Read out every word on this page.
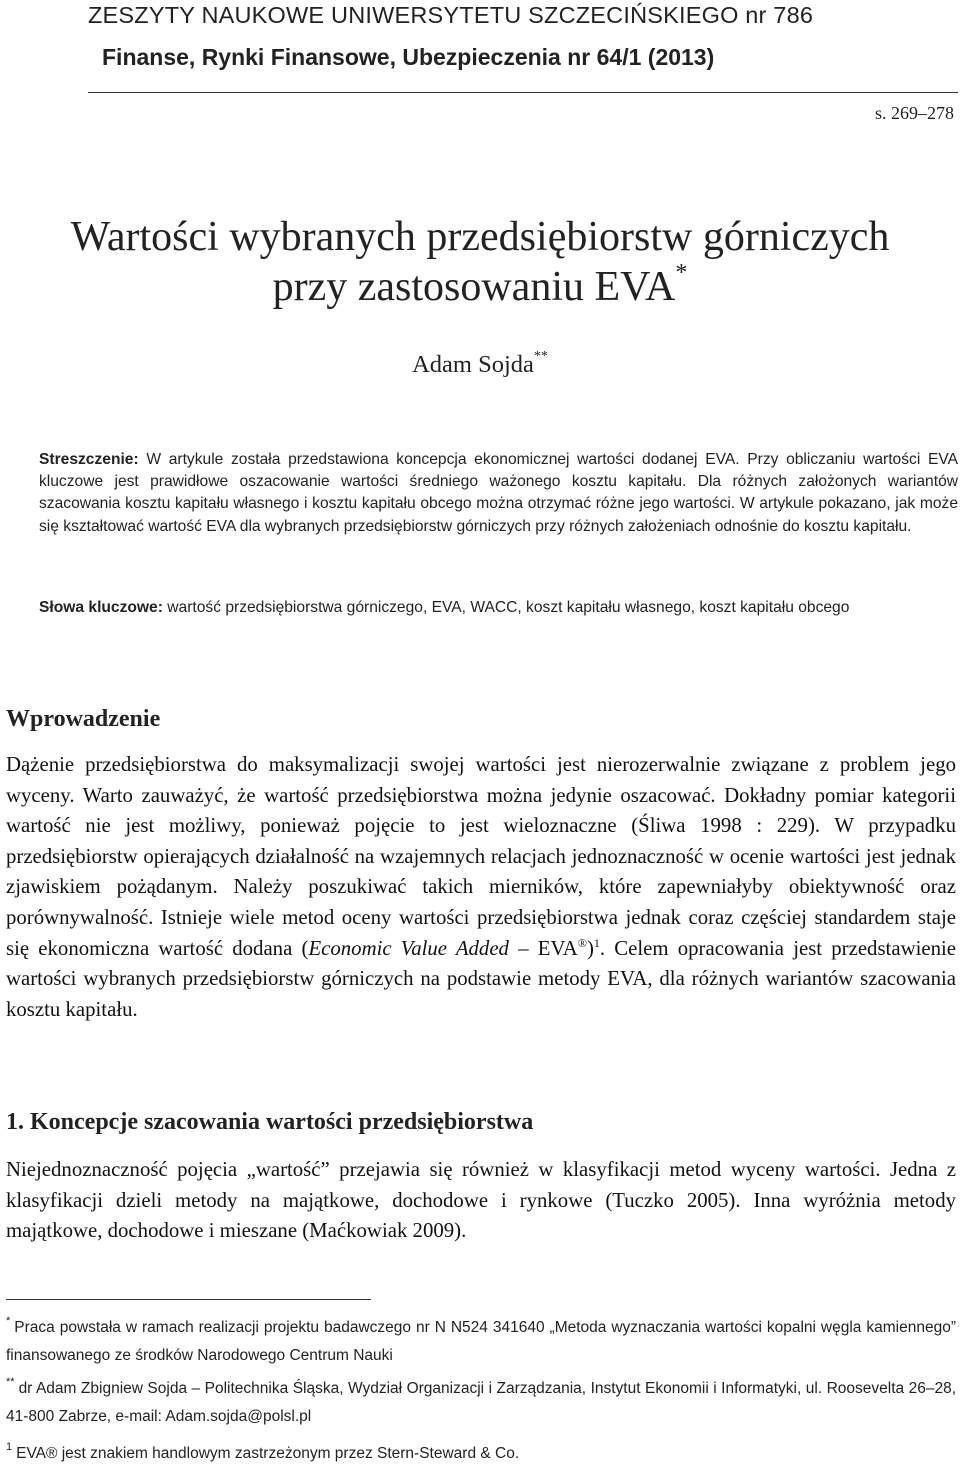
ZESZYTY NAUKOWE UNIWERSYTETU SZCZECIŃSKIEGO nr 786
Finanse, Rynki Finansowe, Ubezpieczenia nr 64/1 (2013)
s. 269–278
Wartości wybranych przedsiębiorstw górniczych
przy zastosowaniu EVA*
Adam Sojda**

Streszczenie: W artykule została przedstawiona koncepcja ekonomicznej wartości dodanej EVA. Przy obliczaniu wartości EVA kluczowe jest prawidłowe oszacowanie wartości średniego ważonego kosztu kapitału. Dla różnych założonych wariantów szacowania kosztu kapitału własnego i kosztu kapitału obcego można otrzymać różne jego wartości. W artykule pokazano, jak może się kształtować wartość EVA dla wybranych przedsiębiorstw górniczych przy różnych założeniach odnośnie do kosztu kapitału.

Słowa kluczowe: wartość przedsiębiorstwa górniczego, EVA, WACC, koszt kapitału własnego, koszt kapitału obcego

Wprowadzenie

Dążenie przedsiębiorstwa do maksymalizacji swojej wartości jest nierozerwalnie związane z problem jego wyceny. Warto zauważyć, że wartość przedsiębiorstwa można jedynie oszacować. Dokładny pomiar kategorii wartość nie jest możliwy, ponieważ pojęcie to jest wieloznaczne (Śliwa 1998 : 229). W przypadku przedsiębiorstw opierających działalność na wzajemnych relacjach jednoznaczność w ocenie wartości jest jednak zjawiskiem pożądanym. Należy poszukiwać takich mierników, które zapewniałyby obiektywność oraz porównywalność. Istnieje wiele metod oceny wartości przedsiębiorstwa jednak coraz częściej standardem staje się ekonomiczna wartość dodana (Economic Value Added – EVA®)$^1$. Celem opracowania jest przedstawienie wartości wybranych przedsiębiorstw górniczych na podstawie metody EVA, dla różnych wariantów szacowania kosztu kapitału.

1. Koncepcje szacowania wartości przedsiębiorstwa

Niejednoznaczność pojęcia „wartość” przejawia się również w klasyfikacji metod wyceny wartości. Jedna z klasyfikacji dzieli metody na majątkowe, dochodowe i rynkowe (Tuczko 2005). Inna wyróżnia metody majątkowe, dochodowe i mieszane (Maćkowiak 2009).

* Praca powstała w ramach realizacji projektu badawczego nr N N524 341640 „Metoda wyznaczania wartości kopalni węgla kamiennego” finansowanego ze środków Narodowego Centrum Nauki

** dr Adam Zbigniew Sojda – Politechnika Śląska, Wydział Organizacji i Zarządzania, Instytut Ekonomii i Informatyki, ul. Roosevelta 26–28, 41-800 Zabrze, e-mail: Adam.sojda@polsl.pl

$^1$ EVA® jest znakiem handlowym zastrzeżonym przez Stern-Steward & Co.
